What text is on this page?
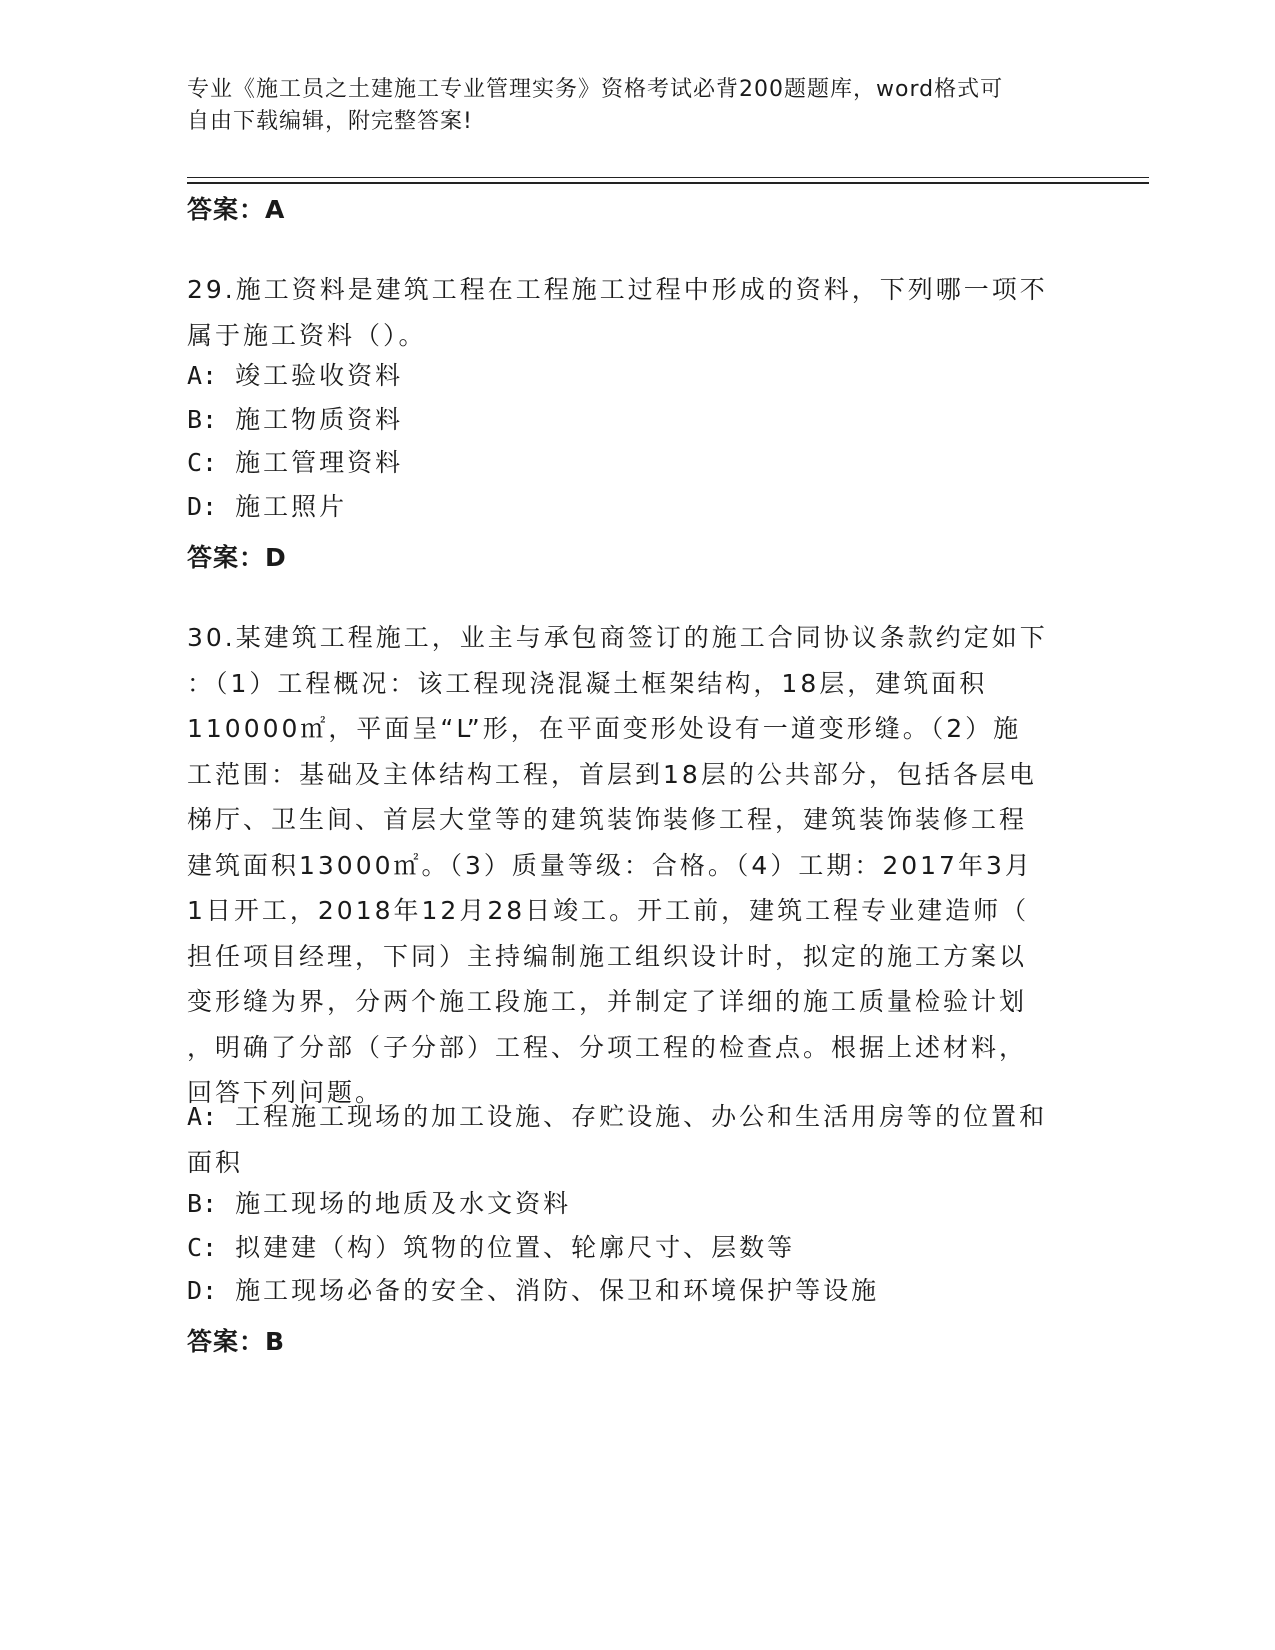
专业《施工员之土建施工专业管理实务》资格考试必背200题题库，word格式可
自由下载编辑，附完整答案!
答案：A
29.施工资料是建筑工程在工程施工过程中形成的资料，下列哪一项不
属于施工资料（）。
A: 竣工验收资料
B: 施工物质资料
C: 施工管理资料
D: 施工照片
答案：D
30.某建筑工程施工，业主与承包商签订的施工合同协议条款约定如下
：（1）工程概况：该工程现浇混凝土框架结构，18层，建筑面积
110000㎡，平面呈“L”形，在平面变形处设有一道变形缝。（2）施
工范围：基础及主体结构工程，首层到18层的公共部分，包括各层电
梯厅、卫生间、首层大堂等的建筑装饰装修工程，建筑装饰装修工程
建筑面积13000㎡。（3）质量等级：合格。（4）工期：2017年3月
1日开工，2018年12月28日竣工。开工前，建筑工程专业建造师（
担任项目经理，下同）主持编制施工组织设计时，拟定的施工方案以
变形缝为界，分两个施工段施工，并制定了详细的施工质量检验计划
，明确了分部（子分部）工程、分项工程的检查点。根据上述材料，
回答下列问题。
A: 工程施工现场的加工设施、存贮设施、办公和生活用房等的位置和
面积
B: 施工现场的地质及水文资料
C: 拟建建（构）筑物的位置、轮廓尺寸、层数等
D: 施工现场必备的安全、消防、保卫和环境保护等设施
答案：B
